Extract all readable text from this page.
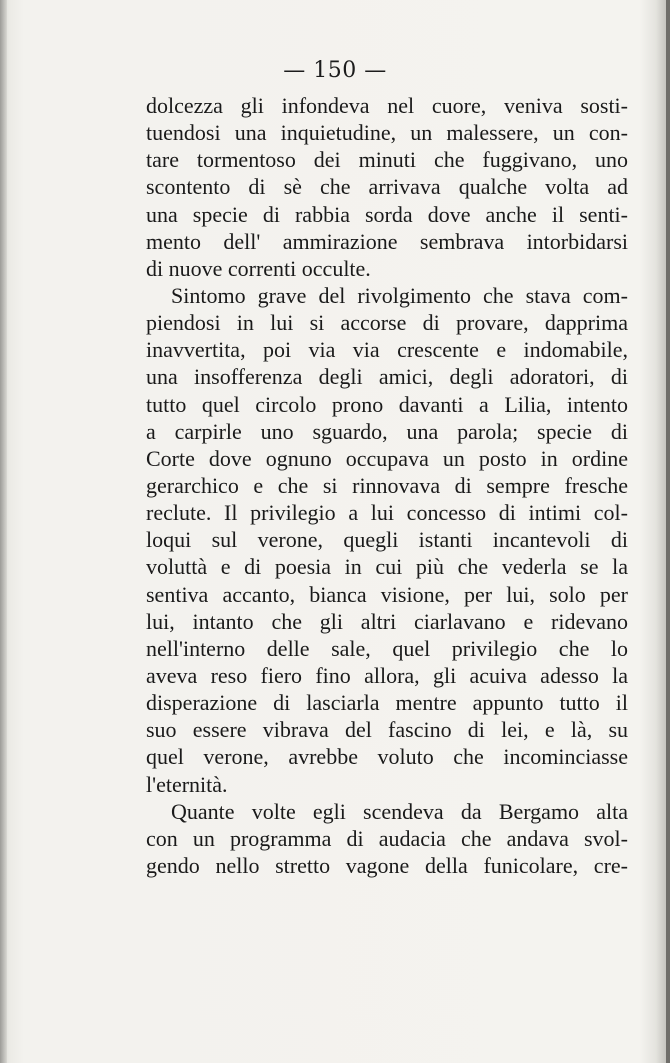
— 150 —
dolcezza gli infondeva nel cuore, veniva sosti-
tuendosi una inquietudine, un malessere, un con-
tare tormentoso dei minuti che fuggivano, uno
scontento di sè che arrivava qualche volta ad
una specie di rabbia sorda dove anche il senti-
mento dell' ammirazione sembrava intorbidarsi
di nuove correnti occulte.
Sintomo grave del rivolgimento che stava com-
piendosi in lui si accorse di provare, dapprima
inavvertita, poi via via crescente e indomabile,
una insofferenza degli amici, degli adoratori, di
tutto quel circolo prono davanti a Lilia, intento
a carpirle uno sguardo, una parola; specie di
Corte dove ognuno occupava un posto in ordine
gerarchico e che si rinnovava di sempre fresche
reclute. Il privilegio a lui concesso di intimi col-
loqui sul verone, quegli istanti incantevoli di
voluttà e di poesia in cui più che vederla se la
sentiva accanto, bianca visione, per lui, solo per
lui, intanto che gli altri ciarlavano e ridevano
nell'interno delle sale, quel privilegio che lo
aveva reso fiero fino allora, gli acuiva adesso la
disperazione di lasciarla mentre appunto tutto il
suo essere vibrava del fascino di lei, e là, su
quel verone, avrebbe voluto che incominciasse
l'eternità.
Quante volte egli scendeva da Bergamo alta
con un programma di audacia che andava svol-
gendo nello stretto vagone della funicolare, cre-
